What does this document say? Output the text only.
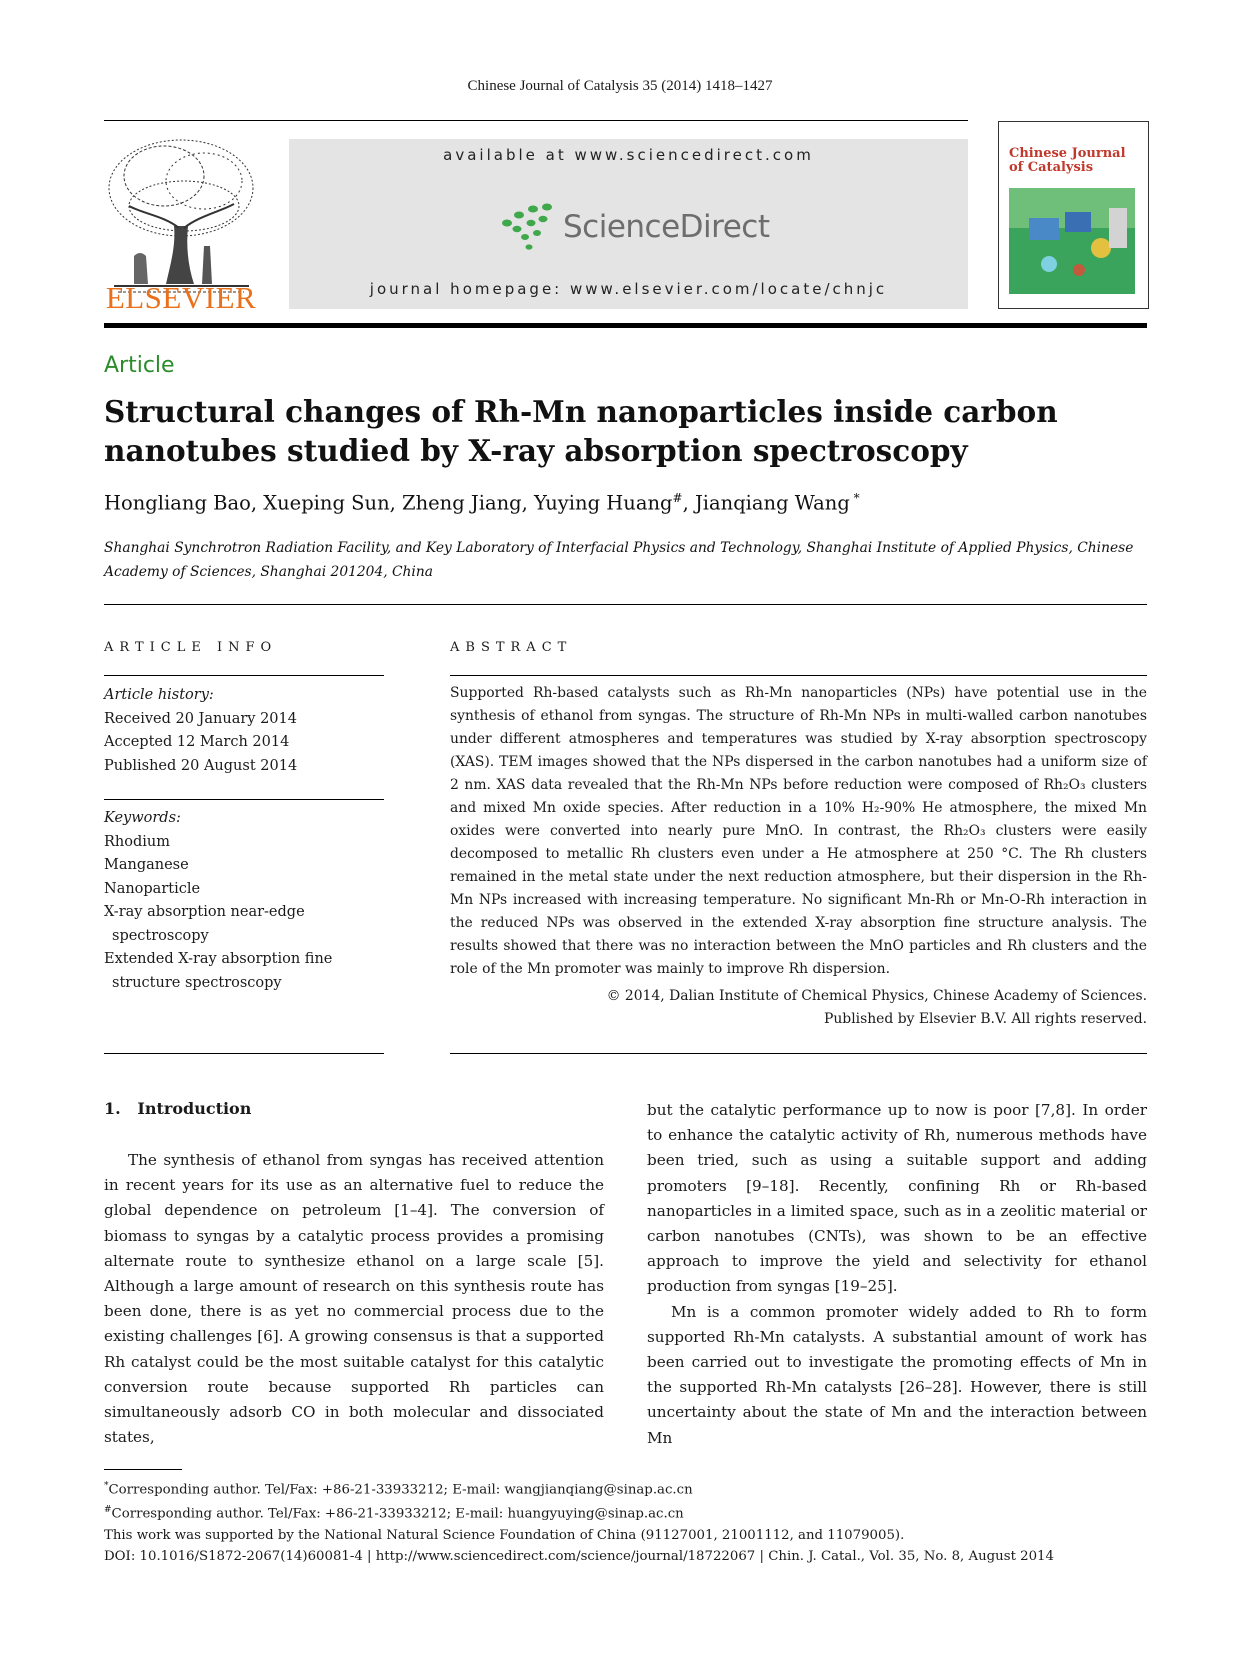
Chinese Journal of Catalysis 35 (2014) 1418–1427
ELSEVIER
available at www.sciencedirect.com
ScienceDirect
journal homepage: www.elsevier.com/locate/chnjc
Chinese Journal
of Catalysis
Article
Structural changes of Rh-Mn nanoparticles inside carbon nanotubes studied by X-ray absorption spectroscopy
Hongliang Bao, Xueping Sun, Zheng Jiang, Yuying Huang#, Jianqiang Wang *
Shanghai Synchrotron Radiation Facility, and Key Laboratory of Interfacial Physics and Technology, Shanghai Institute of Applied Physics, Chinese Academy of Sciences, Shanghai 201204, China
ARTICLE INFO
Article history:
Received 20 January 2014
Accepted 12 March 2014
Published 20 August 2014
Keywords:
Rhodium
Manganese
Nanoparticle
X-ray absorption near-edge
spectroscopy
Extended X-ray absorption fine
structure spectroscopy
ABSTRACT
Supported Rh-based catalysts such as Rh-Mn nanoparticles (NPs) have potential use in the synthesis of ethanol from syngas. The structure of Rh-Mn NPs in multi-walled carbon nanotubes under different atmospheres and temperatures was studied by X-ray absorption spectroscopy (XAS). TEM images showed that the NPs dispersed in the carbon nanotubes had a uniform size of 2 nm. XAS data revealed that the Rh-Mn NPs before reduction were composed of Rh₂O₃ clusters and mixed Mn oxide species. After reduction in a 10% H₂-90% He atmosphere, the mixed Mn oxides were converted into nearly pure MnO. In contrast, the Rh₂O₃ clusters were easily decomposed to metallic Rh clusters even under a He atmosphere at 250 °C. The Rh clusters remained in the metal state under the next reduction atmosphere, but their dispersion in the Rh-Mn NPs increased with increasing temperature. No significant Mn-Rh or Mn-O-Rh interaction in the reduced NPs was observed in the extended X-ray absorption fine structure analysis. The results showed that there was no interaction between the MnO particles and Rh clusters and the role of the Mn promoter was mainly to improve Rh dispersion.
© 2014, Dalian Institute of Chemical Physics, Chinese Academy of Sciences.
Published by Elsevier B.V. All rights reserved.
1.   Introduction

The synthesis of ethanol from syngas has received attention in recent years for its use as an alternative fuel to reduce the global dependence on petroleum [1–4]. The conversion of biomass to syngas by a catalytic process provides a promising alternate route to synthesize ethanol on a large scale [5]. Although a large amount of research on this synthesis route has been done, there is as yet no commercial process due to the existing challenges [6]. A growing consensus is that a supported Rh catalyst could be the most suitable catalyst for this catalytic conversion route because supported Rh particles can simultaneously adsorb CO in both molecular and dissociated states,

but the catalytic performance up to now is poor [7,8]. In order to enhance the catalytic activity of Rh, numerous methods have been tried, such as using a suitable support and adding promoters [9–18]. Recently, confining Rh or Rh-based nanoparticles in a limited space, such as in a zeolitic material or carbon nanotubes (CNTs), was shown to be an effective approach to improve the yield and selectivity for ethanol production from syngas [19–25].

Mn is a common promoter widely added to Rh to form supported Rh-Mn catalysts. A substantial amount of work has been carried out to investigate the promoting effects of Mn in the supported Rh-Mn catalysts [26–28]. However, there is still uncertainty about the state of Mn and the interaction between Mn

*Corresponding author. Tel/Fax: +86-21-33933212; E-mail: wangjianqiang@sinap.ac.cn
#Corresponding author. Tel/Fax: +86-21-33933212; E-mail: huangyuying@sinap.ac.cn
This work was supported by the National Natural Science Foundation of China (91127001, 21001112, and 11079005).
DOI: 10.1016/S1872-2067(14)60081-4 | http://www.sciencedirect.com/science/journal/18722067 | Chin. J. Catal., Vol. 35, No. 8, August 2014
